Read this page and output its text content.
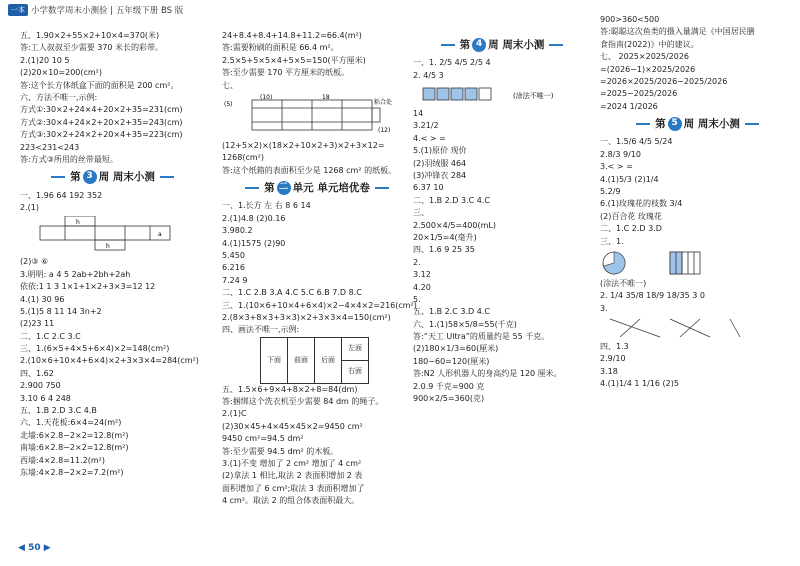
一本 小学数学周末小测验 | 五年级下册 BS 版
五、1.90×2+55×2+10×4=370(米)
答:工人叔叔至少需要 370 米长的彩带。
2.(1)20 10 5
(2)20×10=200(cm²)
答:这个长方体纸盒下面的面积是 200 cm²。
六、方法不唯一,示例:
方式①:30×2+24×4+20×2+35=231(cm)
方式②:30×4+24×2+20×2+35=243(cm)
方式③:30×2+24×2+20×4+35=223(cm)
223<231<243
答:方式③所用的丝带最短。
第 3 周 周末小测
一、1.96 64 192 352
2.(1)
h
a
h
(2)③ ⑥
3.明明: a 4 5 2ab+2bh+2ah
依依:1 1 3 1×1+1×2+3×3=12 12
4.(1) 30 96
5.(1)5 8 11 14 3n+2
(2)23 11
二、1.C 2.C 3.C
三、1.(6×5+4×5+6×4)×2=148(cm²)
2.(10×6+10×4+6×4)×2+3×3×4=284(cm²)
四、1.62
2.900 750
3.10 6 4 248
五、1.B 2.D 3.C 4.B
六、1.天花板:6×4=24(m²)
北墙:6×2.8−2×2=12.8(m²)
南墙:6×2.8−2×2=12.8(m²)
西墙:4×2.8=11.2(m²)
东墙:4×2.8−2×2=7.2(m²)
24+8.4+8.4+14.8+11.2=66.4(m²)
答:需要粉刷的面积是 66.4 m²。
2.5×5+5×5×4+5×5=150(平方厘米)
答:至少需要 170 平方厘米的纸板。
七、
(5)
(10)	18
粘合处
(12)
(12+5×2)×(18×2+10×2+3)×2+3×12=
1268(cm²)
答:这个纸箱的表面积至少是 1268 cm² 的纸板。
第 二 单元 单元培优卷
一、1.长方 左 右 8 6 14
2.(1)4.8 (2)0.16
3.980.2
4.(1)1575 (2)90
5.450
6.216
7.24 9
二、1.C 2.B 3.A 4.C 5.C 6.B 7.D 8.C
三、1.(10×6+10×4+6×4)×2−4×4×2=216(cm²)
2.(8×3+8×3+3×3)×2+3×3×4=150(cm²)
四、画法不唯一,示例:
下面	前面	后面	左面
右面
五、1.5×6+9×4+8×2+8=84(dm)
答:捆绑这个洗衣机至少需要 84 dm 的绳子。
2.(1)C
(2)30×45+4×45×45×2=9450 cm²
9450 cm²=94.5 dm²
答:至少需要 94.5 dm² 的木板。
3.(1)不变 增加了 2 cm² 增加了 4 cm²
(2)拿法 1 相比,取法 2 表面积增加 2 表
面积增加了 6 cm²;取法 3 表面积增加了
4 cm²。取法 2 的组合体表面积最大。
第 4 周 周末小测
一、1. 2/5 4/5 2/5 4
2. 4/5 3
(涂法不唯一)
14
3.21/2
4.< > =
5.(1)原价 现价
(2)羽绒服 464
(3)冲锋衣 284
6.37 10
二、1.B 2.D 3.C 4.C
三、
2.500×4/5=400(mL)
20×1/5=4(毫升)
四、1.6 9 25 35
2.
3.12
4.20
5.
五、1.B 2.C 3.D 4.C
六、1.(1)58×5/8=55(千克)
答:“天工 Ultra”的质量约是 55 千克。
(2)180×1/3=60(厘米)
180−60=120(厘米)
答:N2 人形机器人的身高约是 120 厘米。
2.0.9 千克=900 克
900×2/5=360(克)
900>360<500
答:聪聪这次鱼类的摄入量满足《中国居民膳
食指南(2022)》中的建议。
七、 2025×2025/2026
=(2026−1)×2025/2026
=2026×2025/2026−2025/2026
=2025−2025/2026
=2024 1/2026
第 5 周 周末小测
一、1.5/6 4/5 5/24
2.8/3 9/10
3.< > =
4.(1)5/3 (2)1/4
5.2/9
6.(1)玫瑰花的枝数 3/4
(2)百合花 玫瑰花
二、1.C 2.D 3.D
三、1.
(涂法不唯一)
2. 1/4 35/8 18/9 18/35 3 0
3.
四、1.3
2.9/10
3.18
4.(1)1/4 1 1/16 (2)5
◀ 50 ▶
